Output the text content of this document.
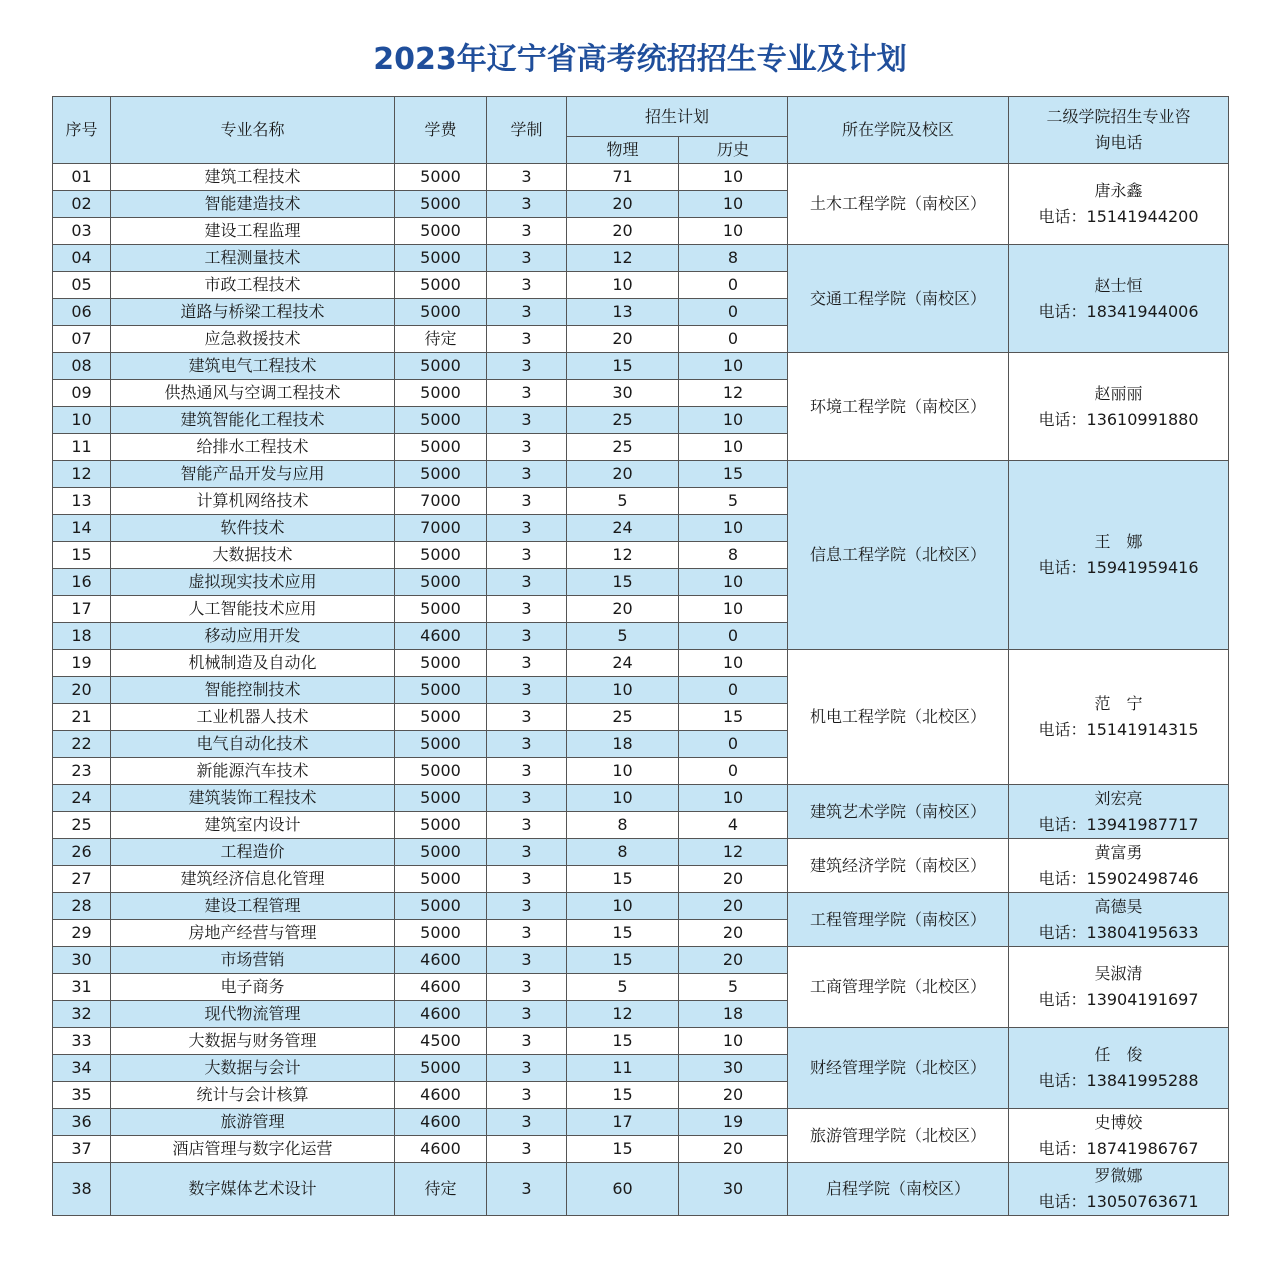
2023年辽宁省高考统招招生专业及计划
序号	专业名称	学费	学制	招生计划		所在学院及校区	二级学院招生专业咨询电话
				物理	历史		
01	建筑工程技术	5000	3	71	10	土木工程学院（南校区）	唐永鑫
电话：15141944200

02	智能建造技术	5000	3	20	10		
03	建设工程监理	5000	3	20	10		
04	工程测量技术	5000	3	12	8	交通工程学院（南校区）	赵士恒
电话：18341944006

05	市政工程技术	5000	3	10	0		
06	道路与桥梁工程技术	5000	3	13	0		
07	应急救援技术	待定	3	20	0		
08	建筑电气工程技术	5000	3	15	10	环境工程学院（南校区）	赵丽丽
电话：13610991880

09	供热通风与空调工程技术	5000	3	30	12		
10	建筑智能化工程技术	5000	3	25	10		
11	给排水工程技术	5000	3	25	10		
12	智能产品开发与应用	5000	3	20	15	信息工程学院（北校区）	王　娜
电话：15941959416

13	计算机网络技术	7000	3	5	5		
14	软件技术	7000	3	24	10		
15	大数据技术	5000	3	12	8		
16	虚拟现实技术应用	5000	3	15	10		
17	人工智能技术应用	5000	3	20	10		
18	移动应用开发	4600	3	5	0		
19	机械制造及自动化	5000	3	24	10	机电工程学院（北校区）	范　宁
电话：15141914315

20	智能控制技术	5000	3	10	0		
21	工业机器人技术	5000	3	25	15		
22	电气自动化技术	5000	3	18	0		
23	新能源汽车技术	5000	3	10	0		
24	建筑装饰工程技术	5000	3	10	10	建筑艺术学院（南校区）	刘宏亮
电话：13941987717

25	建筑室内设计	5000	3	8	4		
26	工程造价	5000	3	8	12	建筑经济学院（南校区）	黄富勇
电话：15902498746

27	建筑经济信息化管理	5000	3	15	20		
28	建设工程管理	5000	3	10	20	工程管理学院（南校区）	高德昊
电话：13804195633

29	房地产经营与管理	5000	3	15	20		
30	市场营销	4600	3	15	20	工商管理学院（北校区）	吴淑清
电话：13904191697

31	电子商务	4600	3	5	5		
32	现代物流管理	4600	3	12	18		
33	大数据与财务管理	4500	3	15	10	财经管理学院（北校区）	任　俊
电话：13841995288

34	大数据与会计	5000	3	11	30		
35	统计与会计核算	4600	3	15	20		
36	旅游管理	4600	3	17	19	旅游管理学院（北校区）	史博姣
电话：18741986767

37	酒店管理与数字化运营	4600	3	15	20		
38	数字媒体艺术设计	待定	3	60	30	启程学院（南校区）	罗微娜
电话：13050763671
